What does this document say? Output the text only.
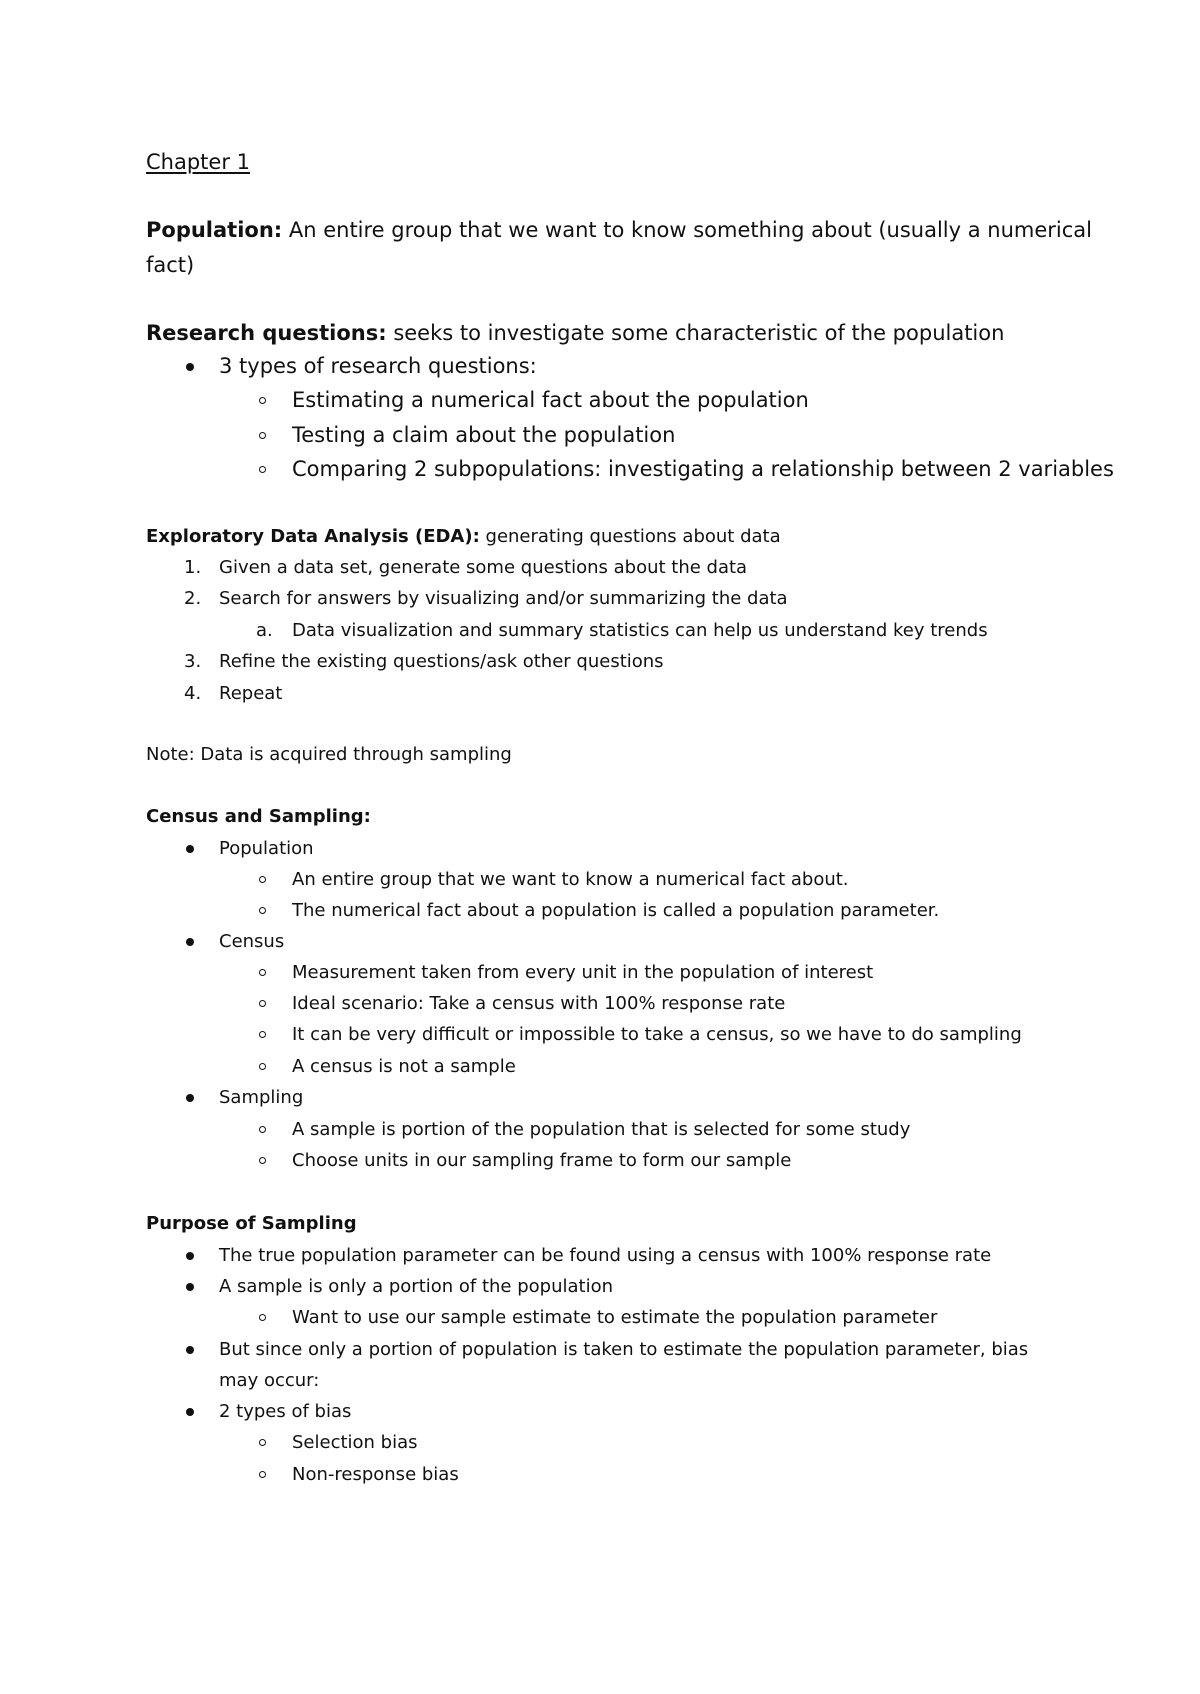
Chapter 1
Population: An entire group that we want to know something about (usually a numerical
fact)
Research questions: seeks to investigate some characteristic of the population
3 types of research questions:
Estimating a numerical fact about the population
Testing a claim about the population
Comparing 2 subpopulations: investigating a relationship between 2 variables
Exploratory Data Analysis (EDA): generating questions about data
1. Given a data set, generate some questions about the data
2. Search for answers by visualizing and/or summarizing the data
a. Data visualization and summary statistics can help us understand key trends
3. Refine the existing questions/ask other questions
4. Repeat
Note: Data is acquired through sampling
Census and Sampling:
Population
An entire group that we want to know a numerical fact about.
The numerical fact about a population is called a population parameter.
Census
Measurement taken from every unit in the population of interest
Ideal scenario: Take a census with 100% response rate
It can be very difficult or impossible to take a census, so we have to do sampling
A census is not a sample
Sampling
A sample is portion of the population that is selected for some study
Choose units in our sampling frame to form our sample
Purpose of Sampling
The true population parameter can be found using a census with 100% response rate
A sample is only a portion of the population
Want to use our sample estimate to estimate the population parameter
But since only a portion of population is taken to estimate the population parameter, bias
may occur:
2 types of bias
Selection bias
Non-response bias
